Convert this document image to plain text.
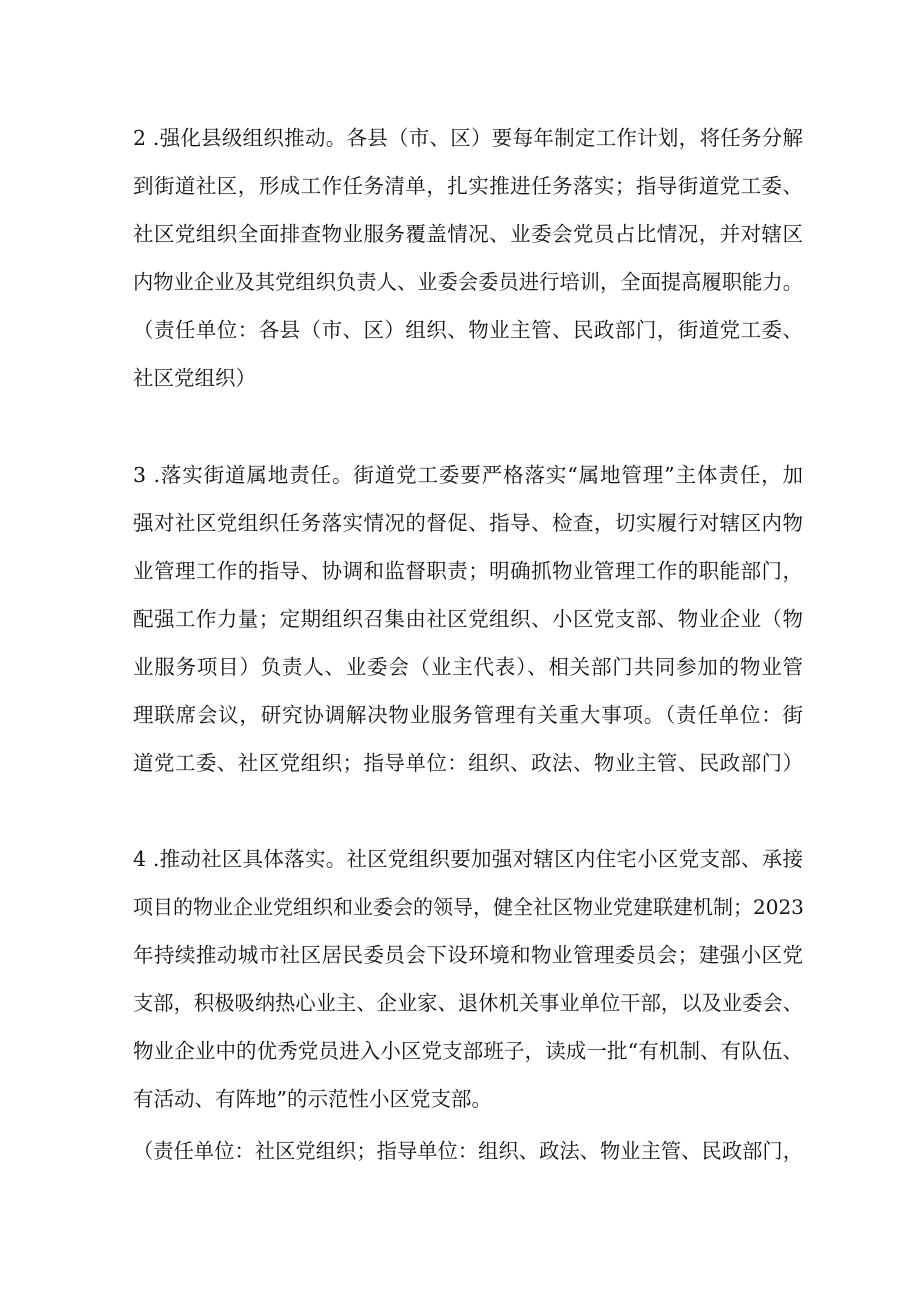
2 .强化县级组织推动。各县（市、区）要每年制定工作计划，将任务分解
到街道社区，形成工作任务清单，扎实推进任务落实；指导街道党工委、
社区党组织全面排查物业服务覆盖情况、业委会党员占比情况，并对辖区
内物业企业及其党组织负责人、业委会委员进行培训，全面提高履职能力。
（责任单位：各县（市、区）组织、物业主管、民政部门，街道党工委、
社区党组织）
3 .落实街道属地责任。街道党工委要严格落实“属地管理”主体责任，加
强对社区党组织任务落实情况的督促、指导、检查，切实履行对辖区内物
业管理工作的指导、协调和监督职责；明确抓物业管理工作的职能部门，
配强工作力量；定期组织召集由社区党组织、小区党支部、物业企业（物
业服务项目）负责人、业委会（业主代表）、相关部门共同参加的物业管
理联席会议，研究协调解决物业服务管理有关重大事项。（责任单位：街
道党工委、社区党组织；指导单位：组织、政法、物业主管、民政部门）
4 .推动社区具体落实。社区党组织要加强对辖区内住宅小区党支部、承接
项目的物业企业党组织和业委会的领导，健全社区物业党建联建机制；2023
年持续推动城市社区居民委员会下设环境和物业管理委员会；建强小区党
支部，积极吸纳热心业主、企业家、退休机关事业单位干部，以及业委会、
物业企业中的优秀党员进入小区党支部班子，读成一批“有机制、有队伍、
有活动、有阵地”的示范性小区党支部。
（责任单位：社区党组织；指导单位：组织、政法、物业主管、民政部门，
